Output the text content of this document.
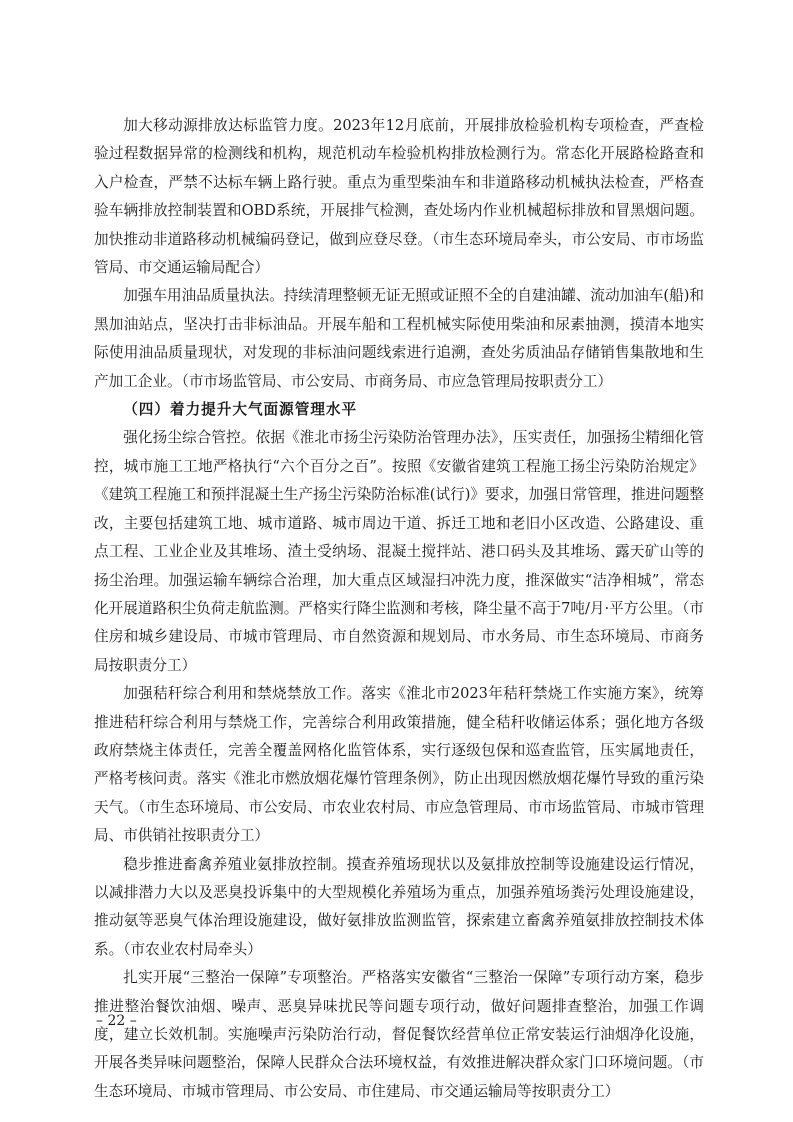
加大移动源排放达标监管力度。2023年12月底前，开展排放检验机构专项检查，严查检验过程数据异常的检测线和机构，规范机动车检验机构排放检测行为。常态化开展路检路查和入户检查，严禁不达标车辆上路行驶。重点为重型柴油车和非道路移动机械执法检查，严格查验车辆排放控制装置和OBD系统，开展排气检测，查处场内作业机械超标排放和冒黑烟问题。加快推动非道路移动机械编码登记，做到应登尽登。（市生态环境局牵头，市公安局、市市场监管局、市交通运输局配合）

加强车用油品质量执法。持续清理整顿无证无照或证照不全的自建油罐、流动加油车(船)和黑加油站点，坚决打击非标油品。开展车船和工程机械实际使用柴油和尿素抽测，摸清本地实际使用油品质量现状，对发现的非标油问题线索进行追溯，查处劣质油品存储销售集散地和生产加工企业。（市市场监管局、市公安局、市商务局、市应急管理局按职责分工）

（四）着力提升大气面源管理水平

强化扬尘综合管控。依据《淮北市扬尘污染防治管理办法》，压实责任，加强扬尘精细化管控，城市施工工地严格执行“六个百分之百”。按照《安徽省建筑工程施工扬尘污染防治规定》《建筑工程施工和预拌混凝土生产扬尘污染防治标准(试行)》要求，加强日常管理，推进问题整改，主要包括建筑工地、城市道路、城市周边干道、拆迁工地和老旧小区改造、公路建设、重点工程、工业企业及其堆场、渣土受纳场、混凝土搅拌站、港口码头及其堆场、露天矿山等的扬尘治理。加强运输车辆综合治理，加大重点区域湿扫冲洗力度，推深做实“洁净相城”，常态化开展道路积尘负荷走航监测。严格实行降尘监测和考核，降尘量不高于7吨/月·平方公里。（市住房和城乡建设局、市城市管理局、市自然资源和规划局、市水务局、市生态环境局、市商务局按职责分工）

加强秸秆综合利用和禁烧禁放工作。落实《淮北市2023年秸秆禁烧工作实施方案》，统筹推进秸秆综合利用与禁烧工作，完善综合利用政策措施，健全秸秆收储运体系；强化地方各级政府禁烧主体责任，完善全覆盖网格化监管体系，实行逐级包保和巡查监管，压实属地责任，严格考核问责。落实《淮北市燃放烟花爆竹管理条例》，防止出现因燃放烟花爆竹导致的重污染天气。（市生态环境局、市公安局、市农业农村局、市应急管理局、市市场监管局、市城市管理局、市供销社按职责分工）

稳步推进畜禽养殖业氨排放控制。摸查养殖场现状以及氨排放控制等设施建设运行情况，以减排潜力大以及恶臭投诉集中的大型规模化养殖场为重点，加强养殖场粪污处理设施建设，推动氨等恶臭气体治理设施建设，做好氨排放监测监管，探索建立畜禽养殖氨排放控制技术体系。（市农业农村局牵头）

扎实开展“三整治一保障”专项整治。严格落实安徽省“三整治一保障”专项行动方案，稳步推进整治餐饮油烟、噪声、恶臭异味扰民等问题专项行动，做好问题排查整治，加强工作调度，建立长效机制。实施噪声污染防治行动，督促餐饮经营单位正常安装运行油烟净化设施，开展各类异味问题整治，保障人民群众合法环境权益，有效推进解决群众家门口环境问题。（市生态环境局、市城市管理局、市公安局、市住建局、市交通运输局等按职责分工）

– 22 –
